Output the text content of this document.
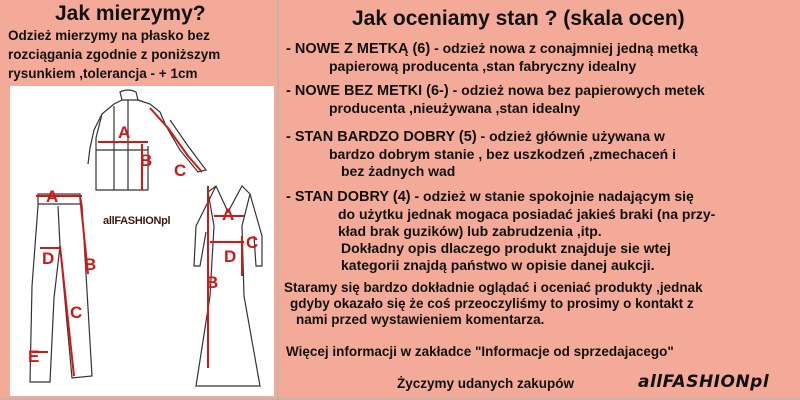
Jak mierzymy?
Odzież mierzymy na płasko bez rozciągania zgodnie z poniższym rysunkiem ,tolerancja - + 1cm
A
B
C
A
B
C
D
E
A
C
D
B
allFASHIONpl
Jak oceniamy stan ? (skala ocen)
- NOWE Z METKĄ (6) - odzież nowa z conajmniej jedną metką
papierową producenta ,stan fabryczny idealny
- NOWE BEZ METKI (6-) - odzież nowa bez papierowych metek
producenta ,nieużywana ,stan idealny
- STAN BARDZO DOBRY (5) - odzież głównie używana w
bardzo dobrym stanie , bez uszkodzeń ,zmechaceń i
bez żadnych wad
- STAN DOBRY (4) - odzież w stanie spokojnie nadającym się
do użytku jednak mogaca posiadać jakieś braki (na przy-
kład brak guzików) lub zabrudzenia ,itp.
Dokładny opis dlaczego produkt znajduje sie wtej
kategorii znajdą państwo w opisie danej aukcji.
Staramy się bardzo dokładnie oglądać i oceniać produkty ,jednak
gdyby okazało się że coś przeoczyliśmy to prosimy o kontakt z
nami przed wystawieniem komentarza.
Więcej informacji w zakładce "Informacje od sprzedajacego"
Życzymy udanych zakupów	allFASHIONpl
